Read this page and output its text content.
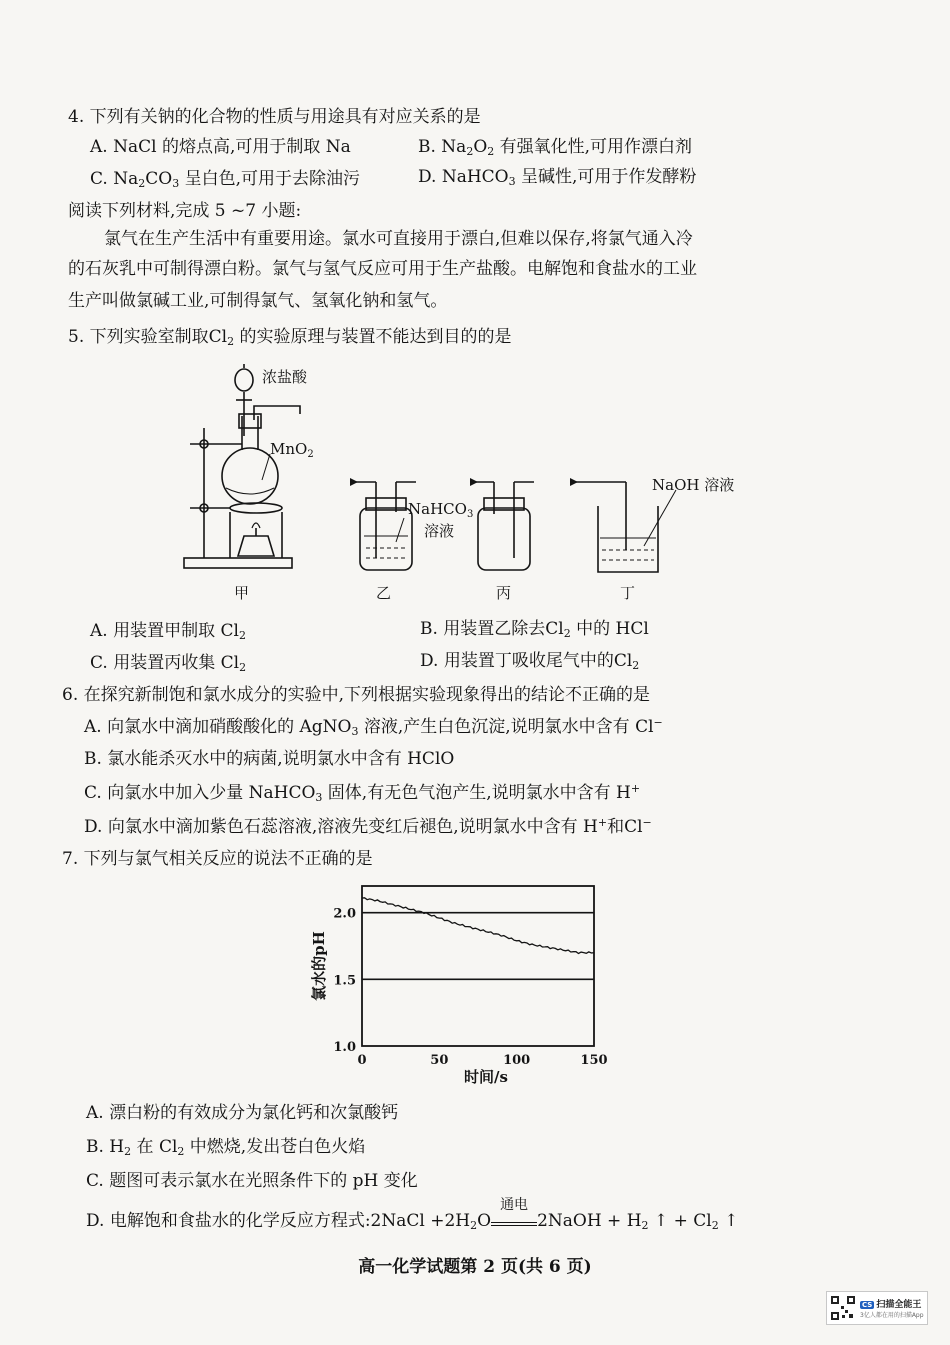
4. 下列有关钠的化合物的性质与用途具有对应关系的是
A. NaCl 的熔点高,可用于制取 Na	B. $Na_2O_2$ 有强氧化性,可用作漂白剂
C. $Na_2CO_3$ 呈白色,可用于去除油污	D. NaHCO$_3$ 呈碱性,可用于作发酵粉
阅读下列材料,完成 5 ~7 小题:
氯气在生产生活中有重要用途。氯水可直接用于漂白,但难以保存,将氯气通入冷
的石灰乳中可制得漂白粉。氯气与氢气反应可用于生产盐酸。电解饱和食盐水的工业
生产叫做氯碱工业,可制得氯气、氢氧化钠和氢气。
5. 下列实验室制取$Cl_2$ 的实验原理与装置不能达到目的的是
浓盐酸
MnO$_2$
NaHCO$_3$
溶液
NaOH 溶液
甲	乙	丙	丁
A. 用装置甲制取 $Cl_2$	B. 用装置乙除去$Cl_2$ 中的 HCl
C. 用装置丙收集 $Cl_2$	D. 用装置丁吸收尾气中的$Cl_2$
6. 在探究新制饱和氯水成分的实验中,下列根据实验现象得出的结论不正确的是
A. 向氯水中滴加硝酸酸化的 AgNO$_3$ 溶液,产生白色沉淀,说明氯水中含有 Cl−
B. 氯水能杀灭水中的病菌,说明氯水中含有 HClO
C. 向氯水中加入少量 NaHCO$_3$ 固体,有无色气泡产生,说明氯水中含有 H+
D. 向氯水中滴加紫色石蕊溶液,溶液先变红后褪色,说明氯水中含有 H+和Cl−
7. 下列与氯气相关反应的说法不正确的是
1.0
1.5
2.0
0	50	100	150
氯水的pH
时间/s
A. 漂白粉的有效成分为氯化钙和次氯酸钙
B. $H_2$ 在 $Cl_2$ 中燃烧,发出苍白色火焰
C. 题图可表示氯水在光照条件下的 pH 变化
D. 电解饱和食盐水的化学反应方程式:2NaCl $+2H_2O$
通电
2NaOH + $H_2$ ↑ + $Cl_2$ ↑
高一化学试题第 2 页(共 6 页)
CS 扫描全能王
3亿人都在用的扫描App
